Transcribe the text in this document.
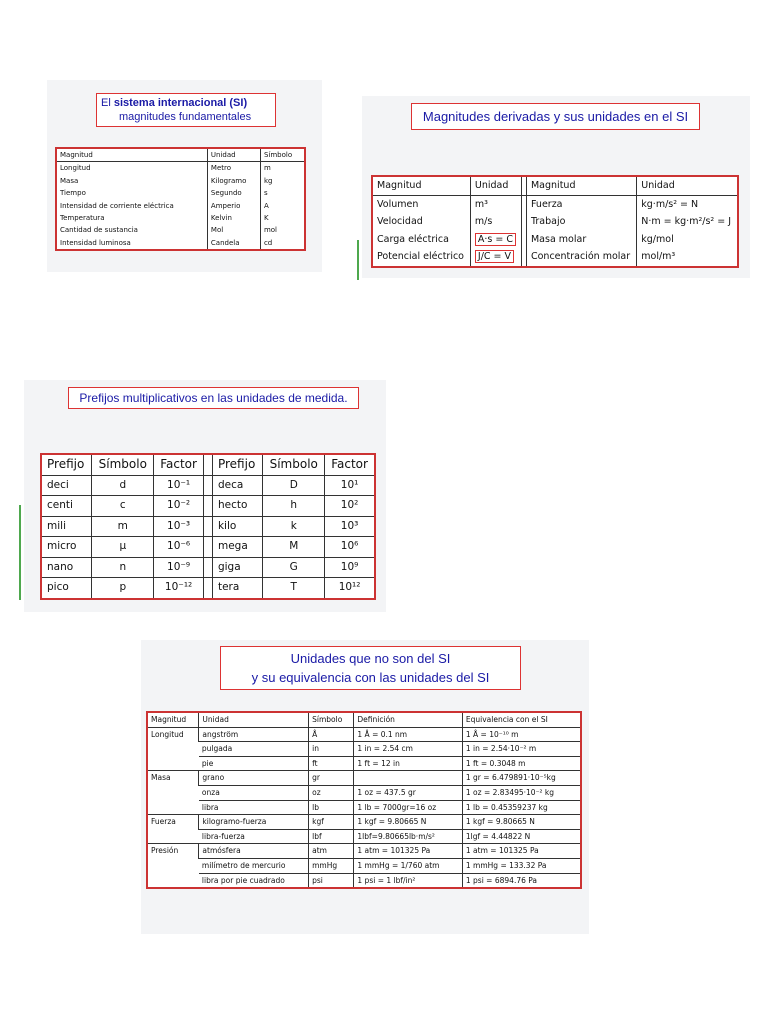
El sistema internacional (SI)
magnitudes fundamentales
Magnitud	Unidad	Símbolo
Longitud	Metro	m
Masa	Kilogramo	kg
Tiempo	Segundo	s
Intensidad de corriente eléctrica	Amperio	A
Temperatura	Kelvin	K
Cantidad de sustancia	Mol	mol
Intensidad luminosa	Candela	cd
Magnitudes derivadas y sus unidades en el SI
Magnitud	Unidad		Magnitud	Unidad
Volumen	m³		Fuerza	kg·m/s² = N
Velocidad	m/s		Trabajo	N·m = kg·m²/s² = J
Carga eléctrica	A·s = C		Masa molar	kg/mol
Potencial eléctrico	J/C = V		Concentración molar	mol/m³
Prefijos multiplicativos en las unidades de medida.
Prefijo	Símbolo	Factor		Prefijo	Símbolo	Factor
deci	d	10⁻¹		deca	D	10¹
centi	c	10⁻²		hecto	h	10²
mili	m	10⁻³		kilo	k	10³
micro	μ	10⁻⁶		mega	M	10⁶
nano	n	10⁻⁹		giga	G	10⁹
pico	p	10⁻¹²		tera	T	10¹²
Unidades que no son del SI
y su equivalencia con las unidades del SI
Magnitud	Unidad	Símbolo	Definición	Equivalencia con el SI
Longitud	angström	Å	1 Å = 0.1 nm	1 Å = 10⁻¹⁰ m
	pulgada	in	1 in = 2.54 cm	1 in = 2.54·10⁻² m
	pie	ft	1 ft = 12 in	1 ft = 0.3048 m
Masa	grano	gr		1 gr = 6.479891·10⁻⁵kg
	onza	oz	1 oz = 437.5 gr	1 oz = 2.83495·10⁻² kg
	libra	lb	1 lb = 7000gr=16 oz	1 lb = 0.45359237 kg
Fuerza	kilogramo-fuerza	kgf	1 kgf = 9.80665 N	1 kgf = 9.80665 N
	libra-fuerza	lbf	1lbf=9.80665lb·m/s²	1lgf = 4.44822 N
Presión	atmósfera	atm	1 atm = 101325 Pa	1 atm = 101325 Pa
	milímetro de mercurio	mmHg	1 mmHg = 1/760 atm	1 mmHg = 133.32 Pa
	libra por pie cuadrado	psi	1 psi = 1 lbf/in²	1 psi = 6894.76 Pa
